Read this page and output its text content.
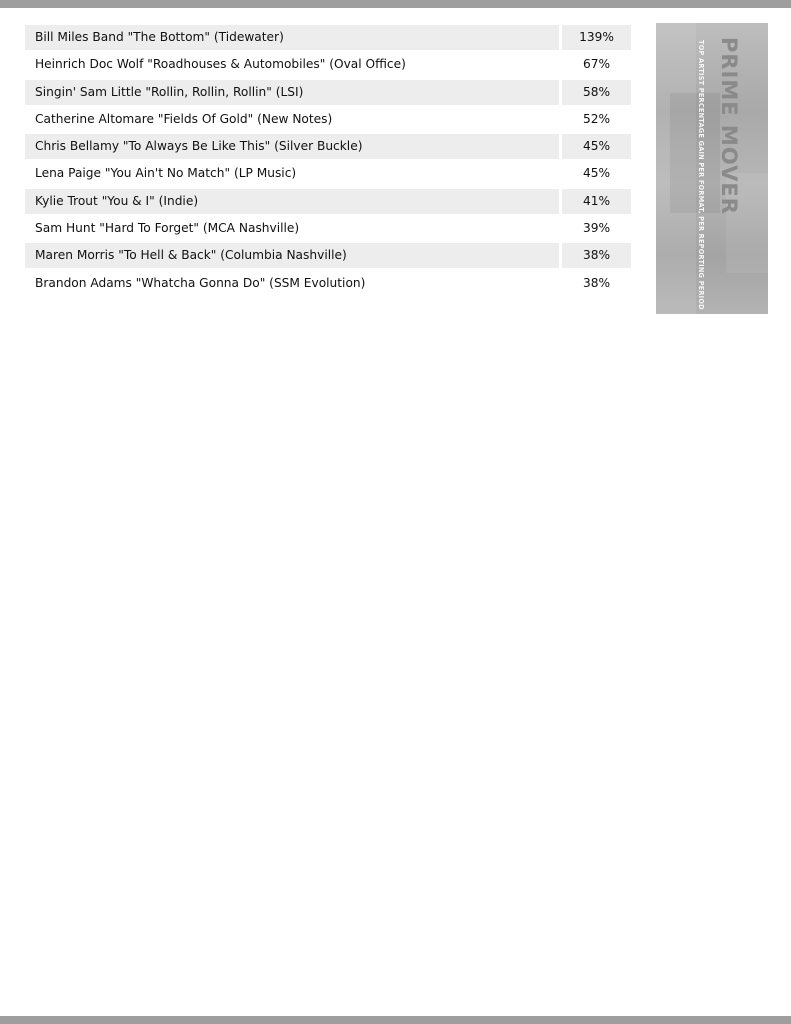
Bill Miles Band "The Bottom" (Tidewater)	139%
Heinrich Doc Wolf "Roadhouses & Automobiles" (Oval Office)	67%
Singin' Sam Little "Rollin, Rollin, Rollin" (LSI)	58%
Catherine Altomare "Fields Of Gold" (New Notes)	52%
Chris Bellamy "To Always Be Like This" (Silver Buckle)	45%
Lena Paige "You Ain't No Match" (LP Music)	45%
Kylie Trout "You & I" (Indie)	41%
Sam Hunt "Hard To Forget" (MCA Nashville)	39%
Maren Morris "To Hell & Back" (Columbia Nashville)	38%
Brandon Adams "Whatcha Gonna Do" (SSM Evolution)	38%
PRIME MOVER
TOP ARTIST PERCENTAGE GAIN PER FORMAT, PER REPORTING PERIOD
